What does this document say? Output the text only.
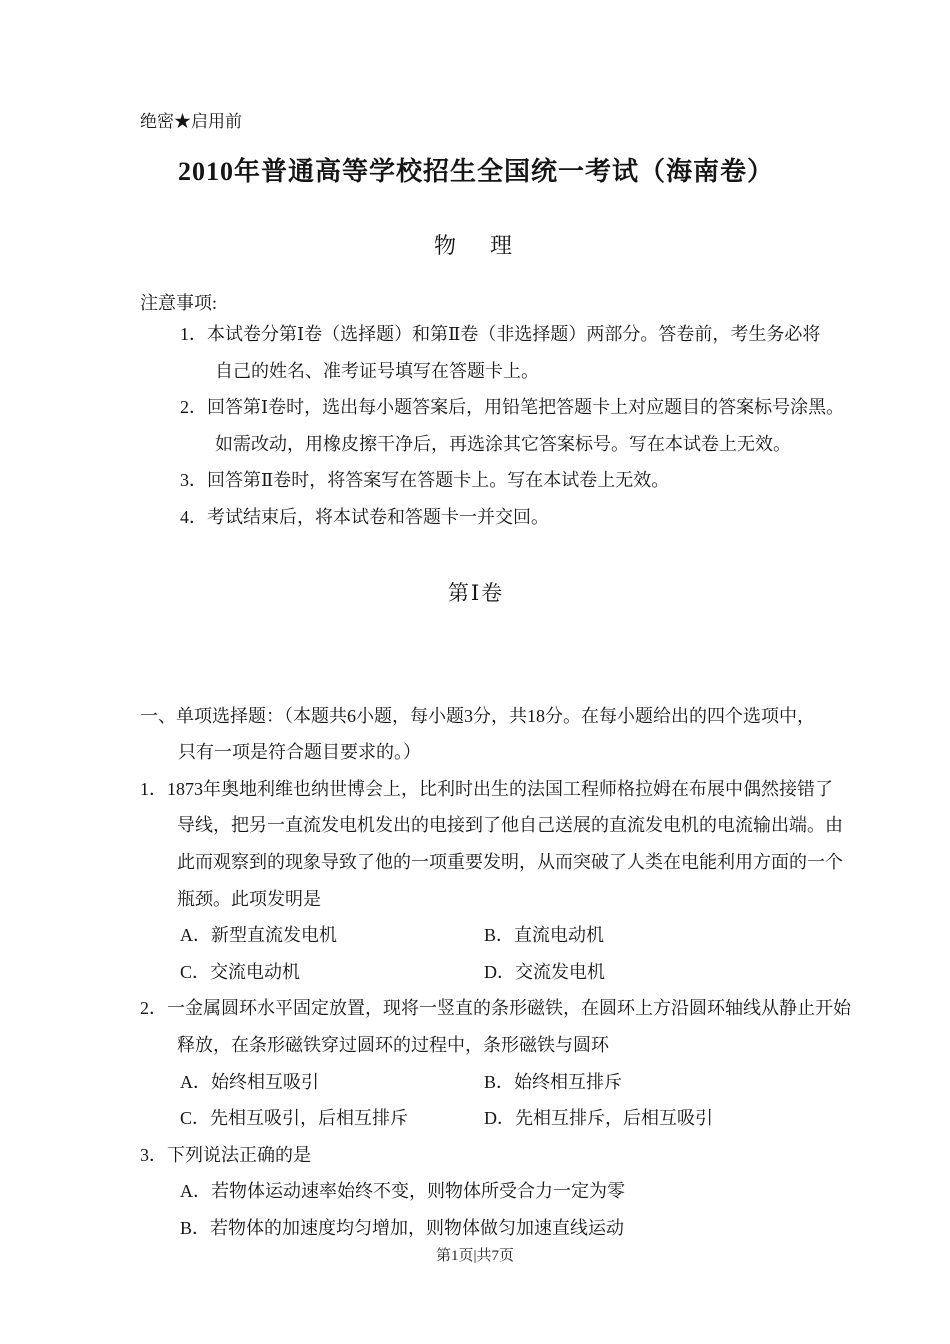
绝密★启用前
2010年普通高等学校招生全国统一考试（海南卷）
物　理
注意事项:
1．本试卷分第Ⅰ卷（选择题）和第Ⅱ卷（非选择题）两部分。答卷前，考生务必将
自己的姓名、准考证号填写在答题卡上。
2．回答第Ⅰ卷时，选出每小题答案后，用铅笔把答题卡上对应题目的答案标号涂黑。
如需改动，用橡皮擦干净后，再选涂其它答案标号。写在本试卷上无效。
3．回答第Ⅱ卷时，将答案写在答题卡上。写在本试卷上无效。
4．考试结束后，将本试卷和答题卡一并交回。
第Ⅰ卷
一、单项选择题：（本题共6小题，每小题3分，共18分。在每小题给出的四个选项中，
只有一项是符合题目要求的。）
1．1873年奥地利维也纳世博会上，比利时出生的法国工程师格拉姆在布展中偶然接错了
导线，把另一直流发电机发出的电接到了他自己送展的直流发电机的电流输出端。由
此而观察到的现象导致了他的一项重要发明，从而突破了人类在电能利用方面的一个
瓶颈。此项发明是
A．新型直流发电机	B．直流电动机
C．交流电动机	D．交流发电机
2．一金属圆环水平固定放置，现将一竖直的条形磁铁，在圆环上方沿圆环轴线从静止开始
释放，在条形磁铁穿过圆环的过程中，条形磁铁与圆环
A．始终相互吸引	B．始终相互排斥
C．先相互吸引，后相互排斥	D．先相互排斥，后相互吸引
3．下列说法正确的是
A．若物体运动速率始终不变，则物体所受合力一定为零
B．若物体的加速度均匀增加，则物体做匀加速直线运动
第1页|共7页
